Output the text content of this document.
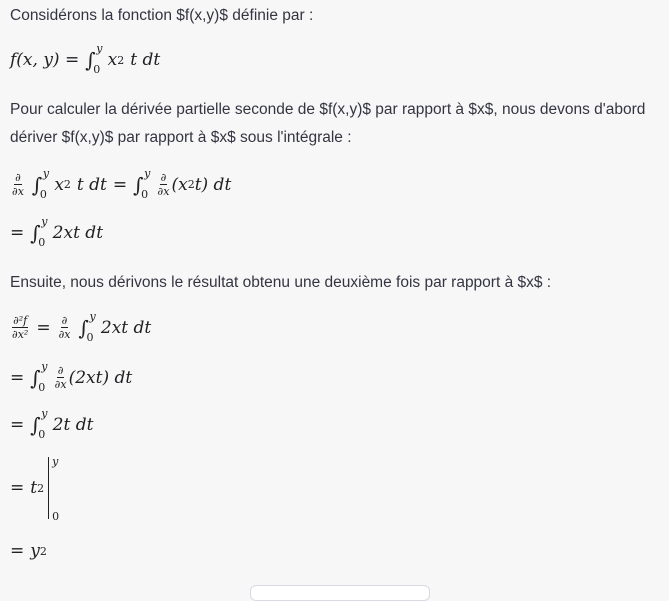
Considérons la fonction $f(x,y)$ définie par :

f(x, y) = ∫ y
0 x 2 t dt
Pour calculer la dérivée partielle seconde de $f(x,y)$ par rapport à $x$, nous devons d'abord
dériver $f(x,y)$ par rapport à $x$ sous l'intégrale :
$\frac{\partial}{\partial x}$ ∫ y
0 x 2 t dt = ∫ y
$0 \frac{\partial}{\partial x} (x$ 2 t) dt
= ∫ y
0 2xt dt

Ensuite, nous dérivons le résultat obtenu une deuxième fois par rapport à $x$ :

$\frac{\text{∂²f}}{\text{∂x²}} = \frac{\partial}{\partial x}$ ∫ y
0 2xt dt
= ∫ y
$0 \frac{\partial}{\partial x} (2xt)$ dt
= ∫ y
0 2t dt
= t 2
y
0
= y 2
